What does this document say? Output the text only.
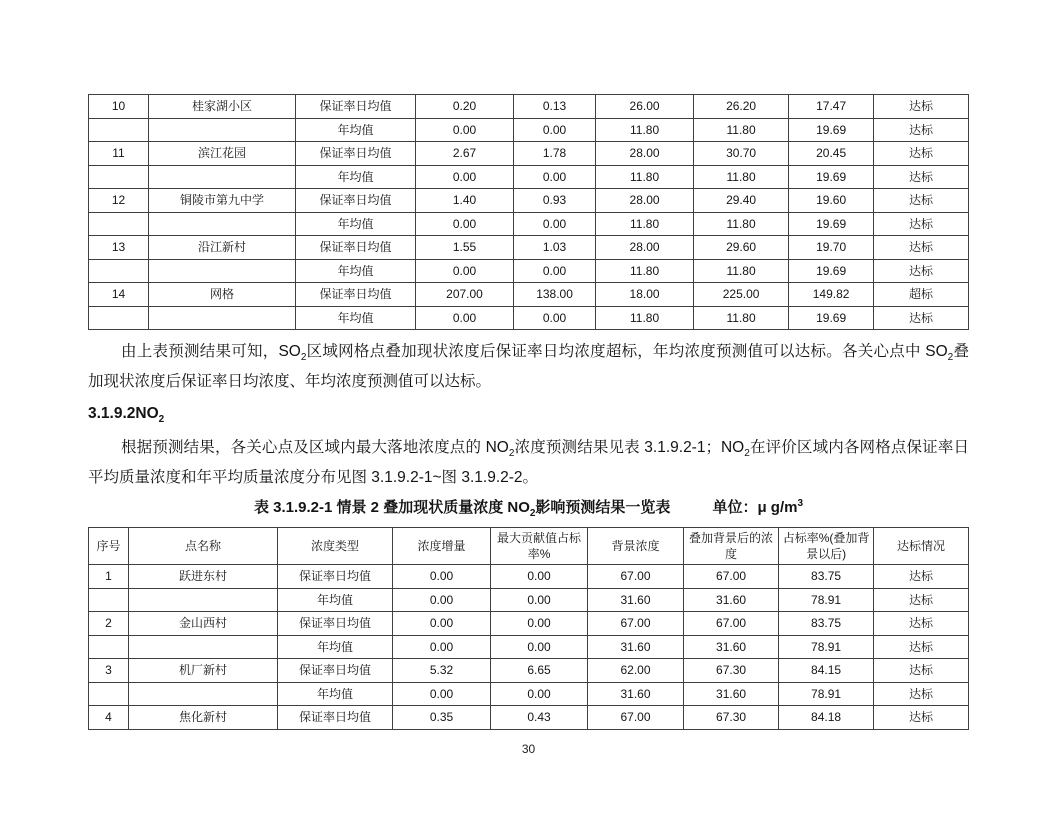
10	桂家湖小区	保证率日均值	0.20	0.13	26.00	26.20	17.47	达标
		年均值	0.00	0.00	11.80	11.80	19.69	达标
11	滨江花园	保证率日均值	2.67	1.78	28.00	30.70	20.45	达标
		年均值	0.00	0.00	11.80	11.80	19.69	达标
12	铜陵市第九中学	保证率日均值	1.40	0.93	28.00	29.40	19.60	达标
		年均值	0.00	0.00	11.80	11.80	19.69	达标
13	沿江新村	保证率日均值	1.55	1.03	28.00	29.60	19.70	达标
		年均值	0.00	0.00	11.80	11.80	19.69	达标
14	网格	保证率日均值	207.00	138.00	18.00	225.00	149.82	超标
		年均值	0.00	0.00	11.80	11.80	19.69	达标

由上表预测结果可知，$SO_2$区域网格点叠加现状浓度后保证率日均浓度超标，年均浓度预测值可以达标。各关心点中 $SO_2$叠加现状浓度后保证率日均浓度、年均浓度预测值可以达标。

$3.1.9.2NO_2$

根据预测结果，各关心点及区域内最大落地浓度点的 $NO_2$浓度预测结果见表 3.1.9.2-1；$NO_2$在评价区域内各网格点保证率日平均质量浓度和年平均质量浓度分布见图 3.1.9.2-1~图 3.1.9.2-2。

表 3.1.9.2-1 情景 2 叠加现状质量浓度 $NO_2$影响预测结果一览表	单位：μ $g/m^3$
序号	点名称	浓度类型	浓度增量	最大贡献值占标率%	背景浓度	叠加背景后的浓度	占标率%(叠加背景以后)	达标情况
1	跃进东村	保证率日均值	0.00	0.00	67.00	67.00	83.75	达标
		年均值	0.00	0.00	31.60	31.60	78.91	达标
2	金山西村	保证率日均值	0.00	0.00	67.00	67.00	83.75	达标
		年均值	0.00	0.00	31.60	31.60	78.91	达标
3	机厂新村	保证率日均值	5.32	6.65	62.00	67.30	84.15	达标
		年均值	0.00	0.00	31.60	31.60	78.91	达标
4	焦化新村	保证率日均值	0.35	0.43	67.00	67.30	84.18	达标
30
